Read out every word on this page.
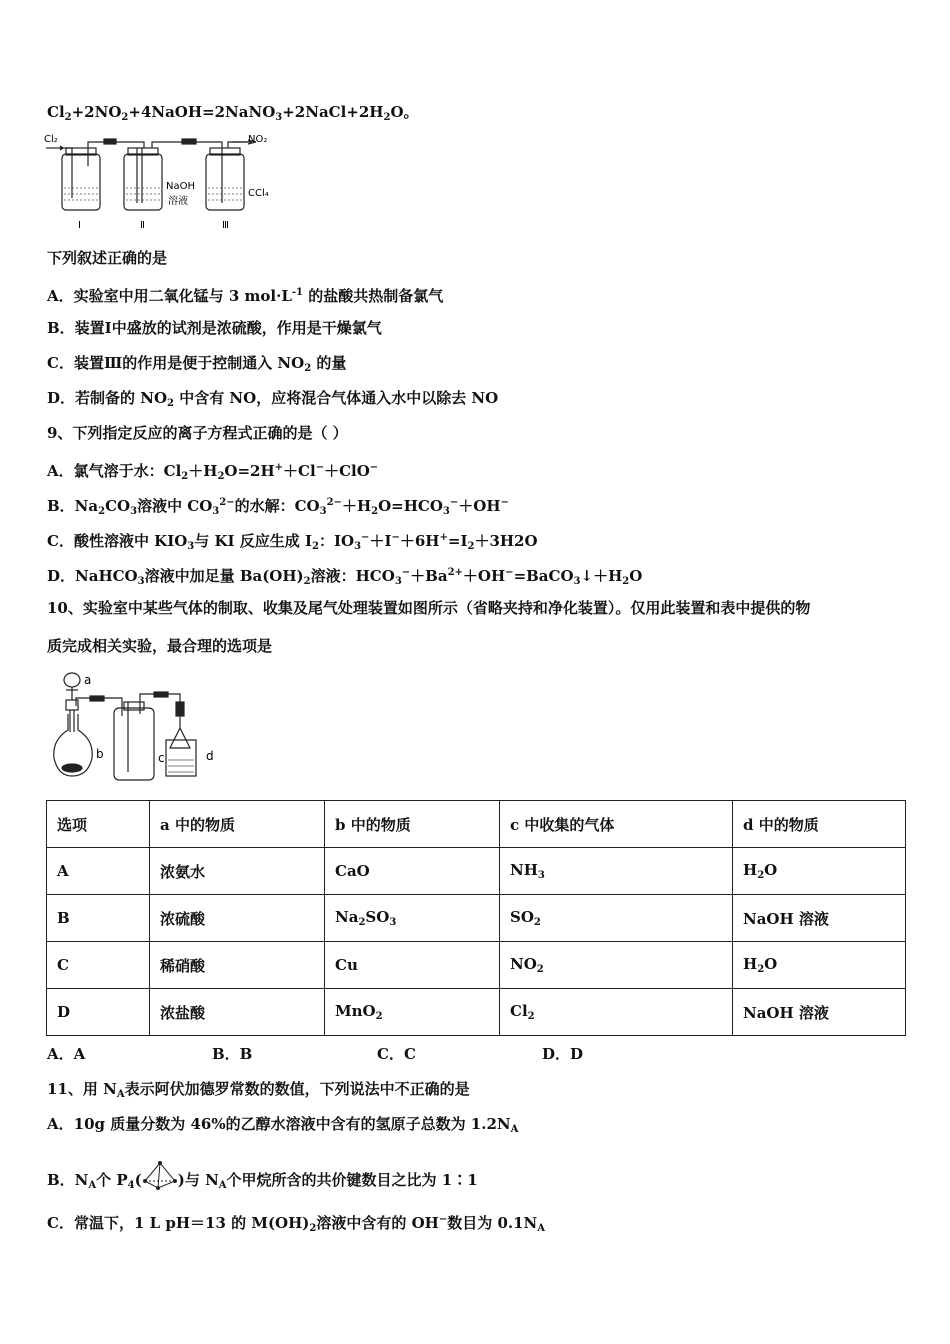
$Cl_2+2NO_2+4NaOH=2NaNO_3+2NaCl+2H_2O$。
Cl₂	NO₂
NaOH
溶液
CCl₄
Ⅰ	Ⅱ	Ⅲ
下列叙述正确的是
A．实验室中用二氧化锰与 3 $mol\cdot L^{-1}$ 的盐酸共热制备氯气
B．装置Ⅰ中盛放的试剂是浓硫酸，作用是干燥氯气
C．装置Ⅲ的作用是便于控制通入 $NO_2$ 的量
D．若制备的 $NO_2$ 中含有 NO，应将混合气体通入水中以除去 NO
9、下列指定反应的离子方程式正确的是（ ）
A．氯气溶于水：$Cl_2+H_2O=2H^++Cl^-+ClO^-$
B．$Na_2CO_3$溶液中 $CO_3^{2-}$的水解：$CO_3^{2-}+H_2O=HCO_3^-+OH^-$
C．酸性溶液中 $KIO_3$与 KI 反应生成 $I_2$：$IO_3^-+I^-+6H^+=I_2+3H2O$
D．NaHCO$_3$溶液中加足量 $Ba(OH)_2$溶液：$HCO_3^-+Ba^{2+}+OH^-=BaCO_3↓+H_2O$
10、实验室中某些气体的制取、收集及尾气处理装置如图所示（省略夹持和净化装置）。仅用此装置和表中提供的物
质完成相关实验，最合理的选项是
a
b	c	d
选项	a 中的物质	b 中的物质	c 中收集的气体	d 中的物质
A	浓氨水	CaO	$NH_3$	$H_2O$
B	浓硫酸	$Na_2SO_3$	$SO_2$	NaOH 溶液
C	稀硝酸	Cu	$NO_2$	$H_2O$
D	浓盐酸	MnO$_2$	$Cl_2$	NaOH 溶液
A．A	B．B	C．C	D．D
11、用 $N_A$表示阿伏加德罗常数的数值，下列说法中不正确的是
A．10g 质量分数为 46%的乙醇水溶液中含有的氢原子总数为 $1.2N_A$
B．$N_A$个 $P_4$( )与 $N_A$个甲烷所含的共价键数目之比为 1∶1
C．常温下，1 L pH＝13 的 $M(OH)_2$溶液中含有的 OH−数目为 $0.1N_A$
